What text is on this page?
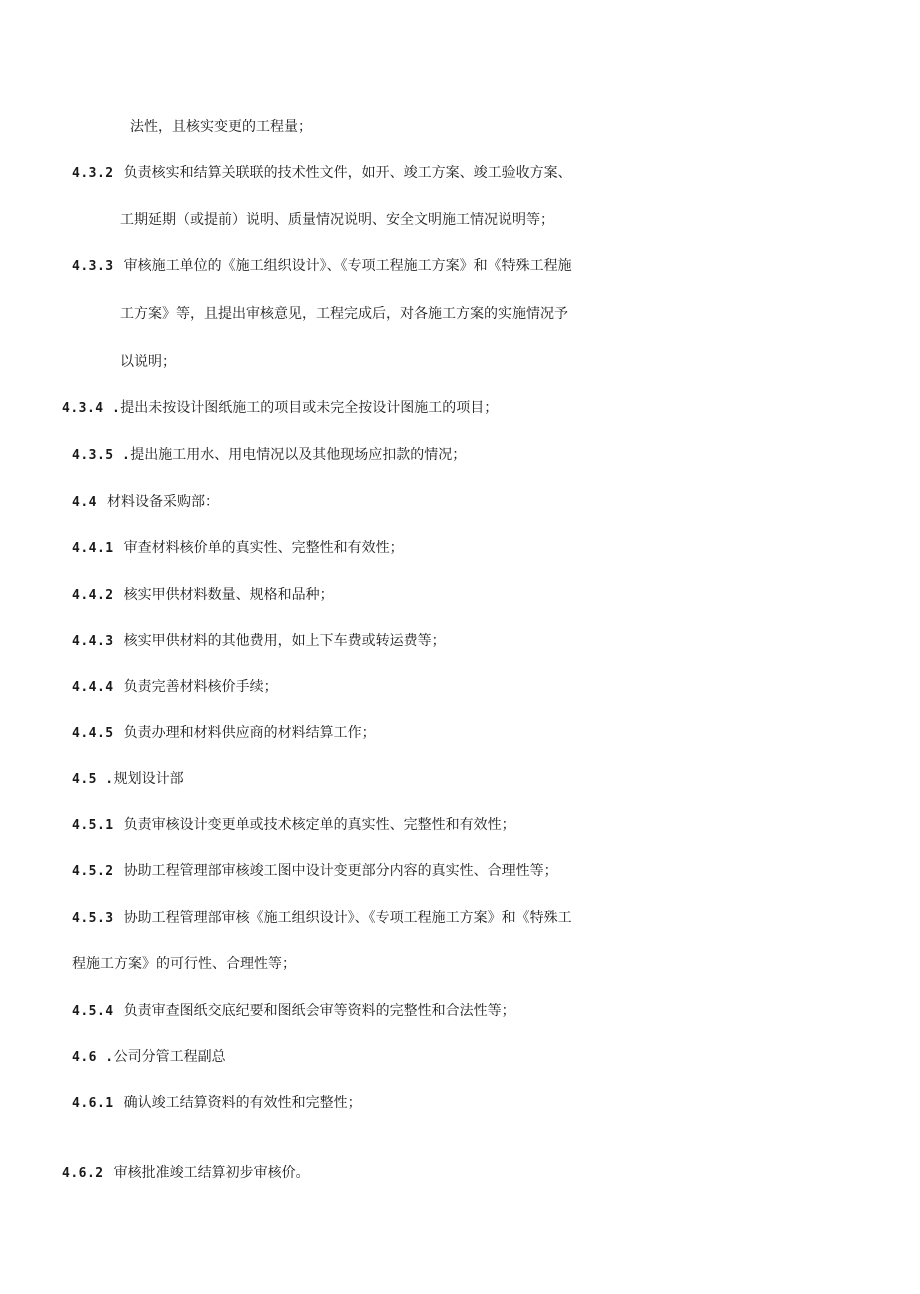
法性，且核实变更的工程量；

4.3.2 负责核实和结算关联联的技术性文件，如开、竣工方案、竣工验收方案、

工期延期（或提前）说明、质量情况说明、安全文明施工情况说明等；

4.3.3 审核施工单位的《施工组织设计》、《专项工程施工方案》和《特殊工程施

工方案》等，且提出审核意见，工程完成后，对各施工方案的实施情况予

以说明；

4.3.4 .提出未按设计图纸施工的项目或未完全按设计图施工的项目；

4.3.5 .提出施工用水、用电情况以及其他现场应扣款的情况；

4.4 材料设备采购部：

4.4.1 审查材料核价单的真实性、完整性和有效性；

4.4.2 核实甲供材料数量、规格和品种；

4.4.3 核实甲供材料的其他费用，如上下车费或转运费等；

4.4.4 负责完善材料核价手续；

4.4.5 负责办理和材料供应商的材料结算工作；

4.5 .规划设计部

4.5.1 负责审核设计变更单或技术核定单的真实性、完整性和有效性；

4.5.2 协助工程管理部审核竣工图中设计变更部分内容的真实性、合理性等；

4.5.3 协助工程管理部审核《施工组织设计》、《专项工程施工方案》和《特殊工

程施工方案》的可行性、合理性等；

4.5.4 负责审查图纸交底纪要和图纸会审等资料的完整性和合法性等；

4.6 .公司分管工程副总

4.6.1 确认竣工结算资料的有效性和完整性；

4.6.2 审核批准竣工结算初步审核价。
